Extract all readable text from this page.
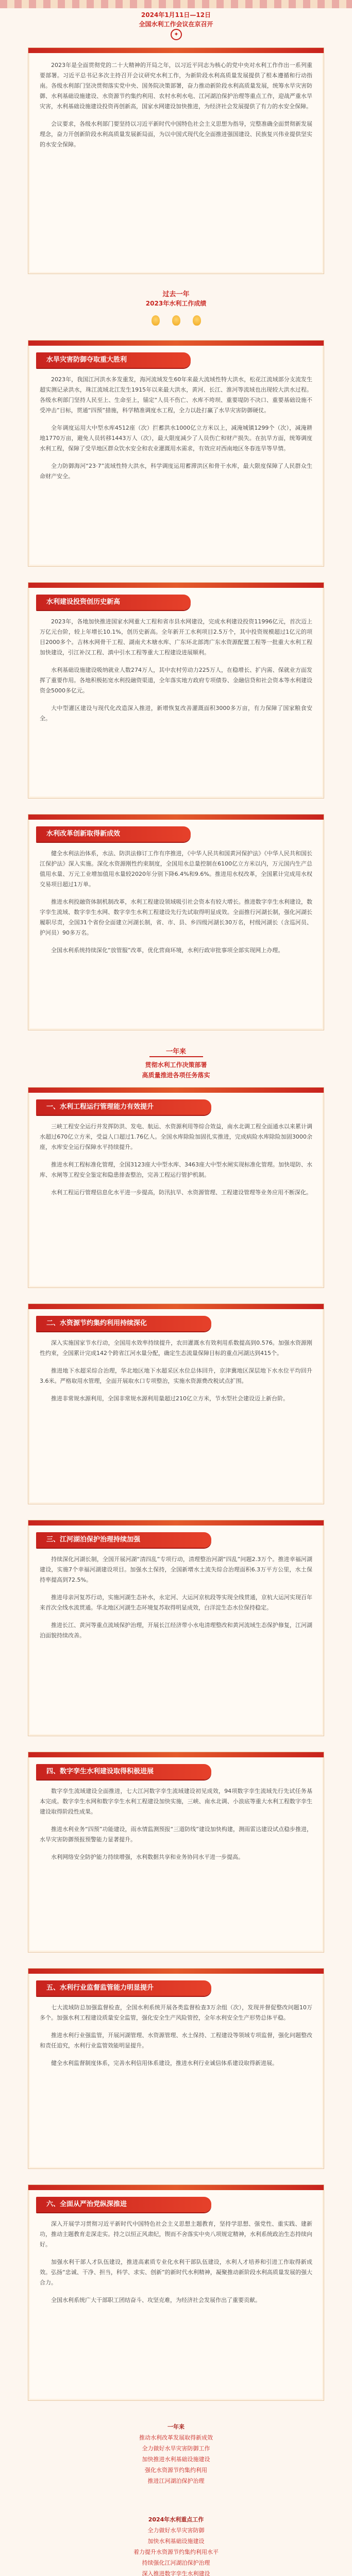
2024年1月11日—12日
全国水利工作会议在京召开
✦

2023年是全面贯彻党的二十大精神的开局之年，以习近平同志为核心的党中央对水利工作作出一系列重要部署。习近平总书记多次主持召开会议研究水利工作，为新阶段水利高质量发展提供了根本遵循和行动指南。各级水利部门坚决贯彻落实党中央、国务院决策部署，奋力推动新阶段水利高质量发展，统筹水旱灾害防御、水利基础设施建设、水资源节约集约利用、农村水利水电、江河湖泊保护治理等重点工作，迎战严重水旱灾害，水利基础设施建设投资再创新高，国家水网建设加快推进，为经济社会发展提供了有力的水安全保障。

会议要求，各级水利部门要坚持以习近平新时代中国特色社会主义思想为指导，完整准确全面贯彻新发展理念，奋力开创新阶段水利高质量发展新局面，为以中国式现代化全面推进强国建设、民族复兴伟业提供坚实的水安全保障。

过去一年
2023年水利工作成绩

2023年，我国江河洪水多发重发，海河流域发生60年来最大流域性特大洪水，松花江流域部分支流发生超实测记录洪水，珠江流域北江发生1915年以来最大洪水，黄河、长江、淮河等流域也出现较大洪水过程。各级水利部门坚持人民至上、生命至上，锚定“人员不伤亡、水库不垮坝、重要堤防不决口、重要基础设施不受冲击”目标，贯通“四预”措施，科学精准调度水工程，全力以赴打赢了水旱灾害防御硬仗。

全年调度运用大中型水库4512座（次）拦蓄洪水1000亿立方米以上，减淹城镇1299个（次），减淹耕地1770万亩，避免人员转移1443万人（次），最大限度减少了人员伤亡和财产损失。在抗旱方面，统筹调度水利工程，保障了受旱地区群众饮水安全和农业灌溉用水需求，有效应对西南地区冬春连旱等旱情。

全力防御海河“23·7”流域性特大洪水，科学调度运用蓄滞洪区和骨干水库，最大限度保障了人民群众生命财产安全。

水旱灾害防御夺取重大胜利

2023年，各地加快推进国家水网重大工程和省市县水网建设，完成水利建设投资11996亿元，首次迈上万亿元台阶，较上年增长10.1%，创历史新高。全年新开工水利项目2.5万个，其中投资规模超过1亿元的项目2000多个。吉林水网骨干工程、湖南犬木塘水库、广东环北部湾广东水资源配置工程等一批重大水利工程加快建设，引江补汉工程、滇中引水工程等重大工程建设进展顺利。

水利基础设施建设吸纳就业人数274万人，其中农村劳动力225万人，在稳增长、扩内需、保就业方面发挥了重要作用。各地积极拓宽水利投融资渠道，全年落实地方政府专项债券、金融信贷和社会资本等水利建设资金5000多亿元。

大中型灌区建设与现代化改造深入推进，新增恢复改善灌溉面积3000多万亩，有力保障了国家粮食安全。

水利建设投资创历史新高

健全水利法治体系，水法、防洪法修订工作有序推进，《中华人民共和国黄河保护法》《中华人民共和国长江保护法》深入实施。深化水资源刚性约束制度，全国用水总量控制在6100亿立方米以内，万元国内生产总值用水量、万元工业增加值用水量较2020年分别下降6.4%和9.6%。推进用水权改革，全国累计完成用水权交易项目超过1万单。

推进水利投融资体制机制改革，水利工程建设领域吸引社会资本有较大增长。推进数字孪生水利建设，数字孪生流域、数字孪生水网、数字孪生水利工程建设先行先试取得明显成效。全面推行河湖长制，强化河湖长履职尽责，全国31个省份全面建立河湖长制，省、市、县、乡四级河湖长30万名，村级河湖长（含巡河员、护河员）90多万名。

全国水利系统持续深化“放管服”改革，优化营商环境，水利行政审批事项全部实现网上办理。

水利改革创新取得新成效
一年来
贯彻水利工作决策部署
高质量推进各项任务落实

三峡工程安全运行并发挥防洪、发电、航运、水资源利用等综合效益，南水北调工程全面通水以来累计调水超过670亿立方米，受益人口超过1.76亿人。全国水库除险加固扎实推进，完成病险水库除险加固3000余座，水库安全运行保障水平持续提升。

推进水利工程标准化管理，全国3123座大中型水库、3463座大中型水闸实现标准化管理。加快堤防、水库、水闸等工程安全鉴定和隐患排查整治，完善工程运行管护机制。

水利工程运行管理信息化水平进一步提高，防汛抗旱、水资源管理、工程建设管理等业务应用不断深化。

一、水利工程运行管理能力有效提升

深入实施国家节水行动，全国用水效率持续提升，农田灌溉水有效利用系数提高到0.576。加强水资源刚性约束，全国累计完成142个跨省江河水量分配，确定生态流量保障目标的重点河湖达到415个。

推进地下水超采综合治理，华北地区地下水超采区水位总体回升，京津冀地区深层地下水水位平均回升3.6米。严格取用水管理，全面开展取水口专项整治，实施水资源费改税试点扩围。

推进非常规水源利用，全国非常规水源利用量超过210亿立方米，节水型社会建设迈上新台阶。

二、水资源节约集约利用持续深化

持续深化河湖长制，全国开展河湖“清四乱”专项行动，清理整治河湖“四乱”问题2.3万个。推进幸福河湖建设，实施7个幸福河湖建设项目。加强水土保持，全国新增水土流失综合治理面积6.3万平方公里，水土保持率提高到72.5%。

推进母亲河复苏行动，实施河湖生态补水，永定河、大运河京杭段等实现全线贯通，京杭大运河实现百年来首次全线水流贯通。华北地区河湖生态环境复苏取得明显成效，白洋淀生态水位保持稳定。

推进长江、黄河等重点流域保护治理，开展长江经济带小水电清理整改和黄河流域生态保护修复，江河湖泊面貌持续改善。

三、江河湖泊保护治理持续加强

数字孪生流域建设全面推进，七大江河数字孪生流域建设初见成效，94项数字孪生流域先行先试任务基本完成。数字孪生水网和数字孪生水利工程建设加快实施，三峡、南水北调、小浪底等重大水利工程数字孪生建设取得阶段性成果。

推进水利业务“四预”功能建设，雨水情监测预报“三道防线”建设加快构建，测雨雷达建设试点稳步推进，水旱灾害防御预报预警能力显著提升。

水利网络安全防护能力持续增强，水利数据共享和业务协同水平进一步提高。

四、数字孪生水利建设取得积极进展

七大流域防总加强监督检查，全国水利系统开展各类监督检查3万余组（次），发现并督促整改问题10万多个。加强水利工程建设质量安全监管，强化安全生产风险管控，全年水利安全生产形势总体平稳。

推进水利行业强监管，开展河湖管理、水资源管理、水土保持、工程建设等领域专项监督，强化问题整改和责任追究，水利行业监管效能明显提升。

健全水利监督制度体系，完善水利信用体系建设，推进水利行业诚信体系建设取得新进展。

五、水利行业监督监管能力明显提升

深入开展学习贯彻习近平新时代中国特色社会主义思想主题教育，坚持学思想、强党性、重实践、建新功，推动主题教育走深走实。持之以恒正风肃纪，锲而不舍落实中央八项规定精神，水利系统政治生态持续向好。

加强水利干部人才队伍建设，推进高素质专业化水利干部队伍建设，水利人才培养和引进工作取得新成效。弘扬“忠诚、干净、担当，科学、求实、创新”的新时代水利精神，凝聚推动新阶段水利高质量发展的强大合力。

全国水利系统广大干部职工团结奋斗、攻坚克难，为经济社会发展作出了重要贡献。

六、全面从严治党纵深推进
一年来
推动水利改革发展取得新成效
全力做好水旱灾害防御工作
加快推进水利基础设施建设
强化水资源节约集约利用
推进江河湖泊保护治理
2024年水利重点工作
全力做好水旱灾害防御
加快水利基础设施建设
着力提升水资源节约集约利用水平
持续强化江河湖泊保护治理
深入推进数字孪生水利建设
